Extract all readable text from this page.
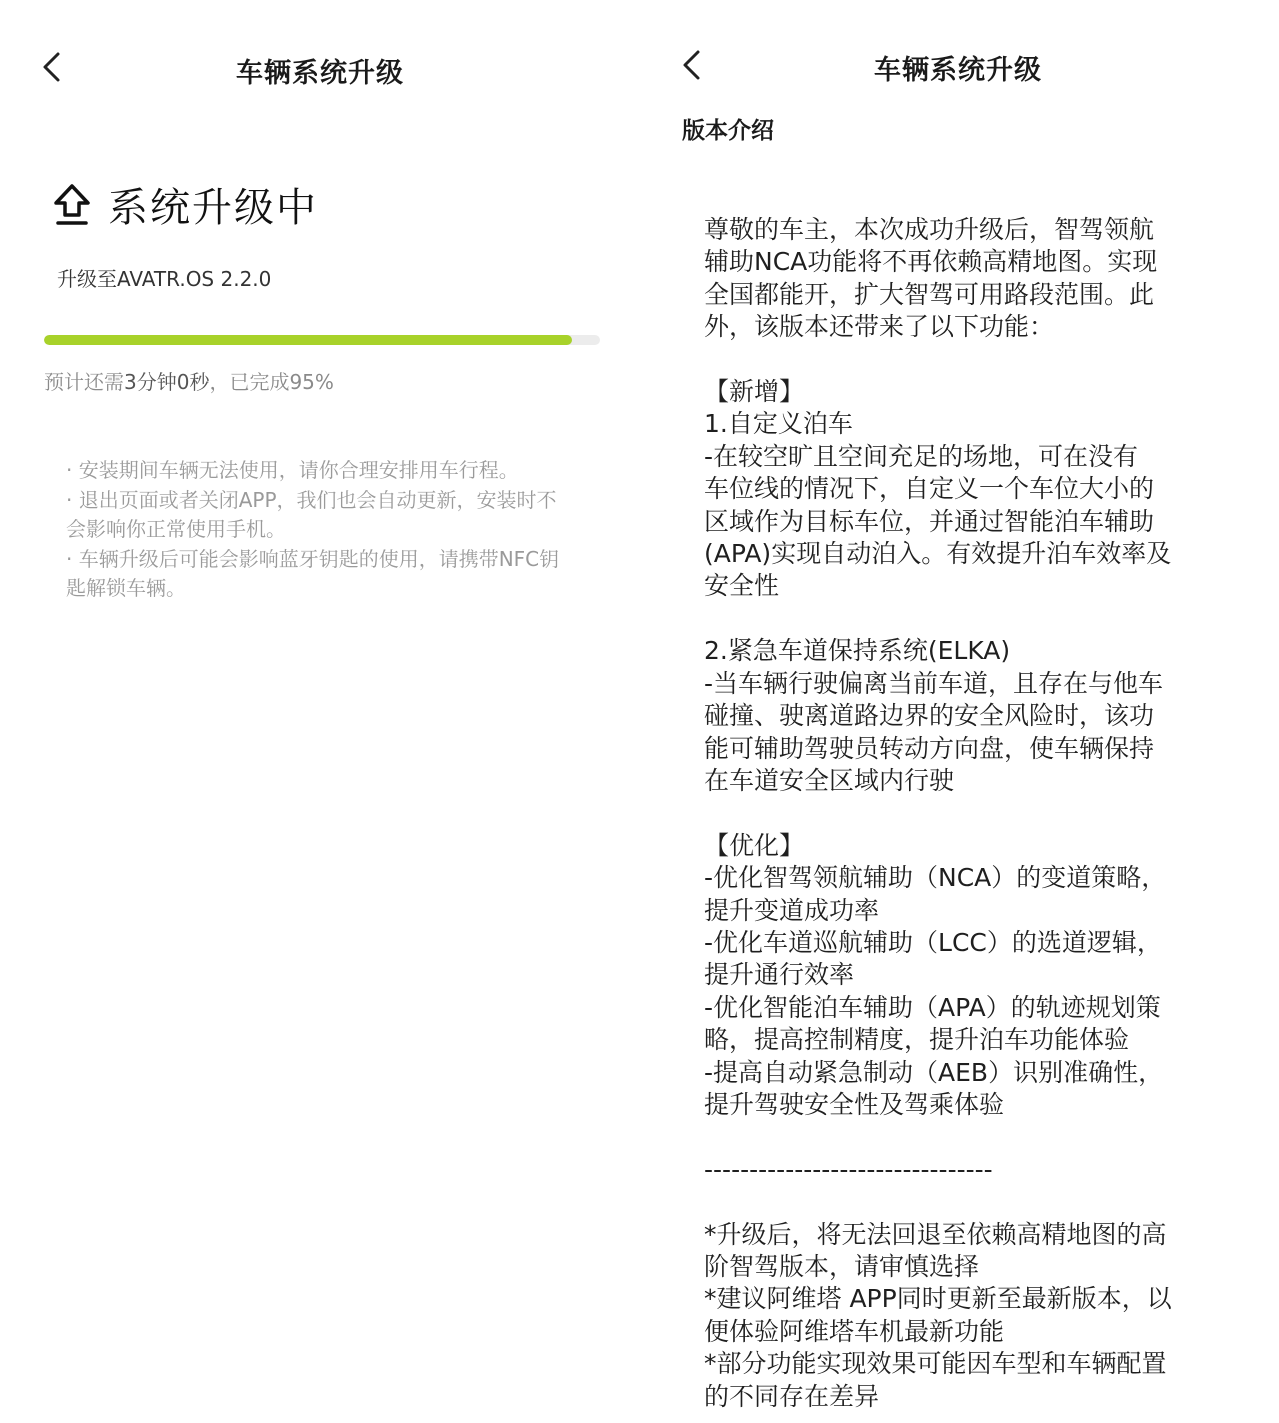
车辆系统升级
系统升级中
升级至AVATR.OS 2.2.0
预计还需3分钟0秒，已完成95%

· 安装期间车辆无法使用，请你合理安排用车行程。

· 退出页面或者关闭APP，我们也会自动更新，安装时不会影响你正常使用手机。

· 车辆升级后可能会影响蓝牙钥匙的使用，请携带NFC钥匙解锁车辆。

车辆系统升级
版本介绍

尊敬的车主，本次成功升级后，智驾领航

辅助NCA功能将不再依赖高精地图。实现

全国都能开，扩大智驾可用路段范围。此

外，该版本还带来了以下功能：

【新增】

1.自定义泊车

-在较空旷且空间充足的场地，可在没有

车位线的情况下，自定义一个车位大小的

区域作为目标车位，并通过智能泊车辅助

(APA)实现自动泊入。有效提升泊车效率及

安全性

2.紧急车道保持系统(ELKA)

-当车辆行驶偏离当前车道，且存在与他车

碰撞、驶离道路边界的安全风险时，该功

能可辅助驾驶员转动方向盘，使车辆保持

在车道安全区域内行驶

【优化】

-优化智驾领航辅助（NCA）的变道策略，

提升变道成功率

-优化车道巡航辅助（LCC）的选道逻辑，

提升通行效率

-优化智能泊车辅助（APA）的轨迹规划策

略，提高控制精度，提升泊车功能体验

-提高自动紧急制动（AEB）识别准确性，

提升驾驶安全性及驾乘体验

--------------------------------

*升级后，将无法回退至依赖高精地图的高

阶智驾版本，请审慎选择

*建议阿维塔 APP同时更新至最新版本，以

便体验阿维塔车机最新功能

*部分功能实现效果可能因车型和车辆配置

的不同存在差异
